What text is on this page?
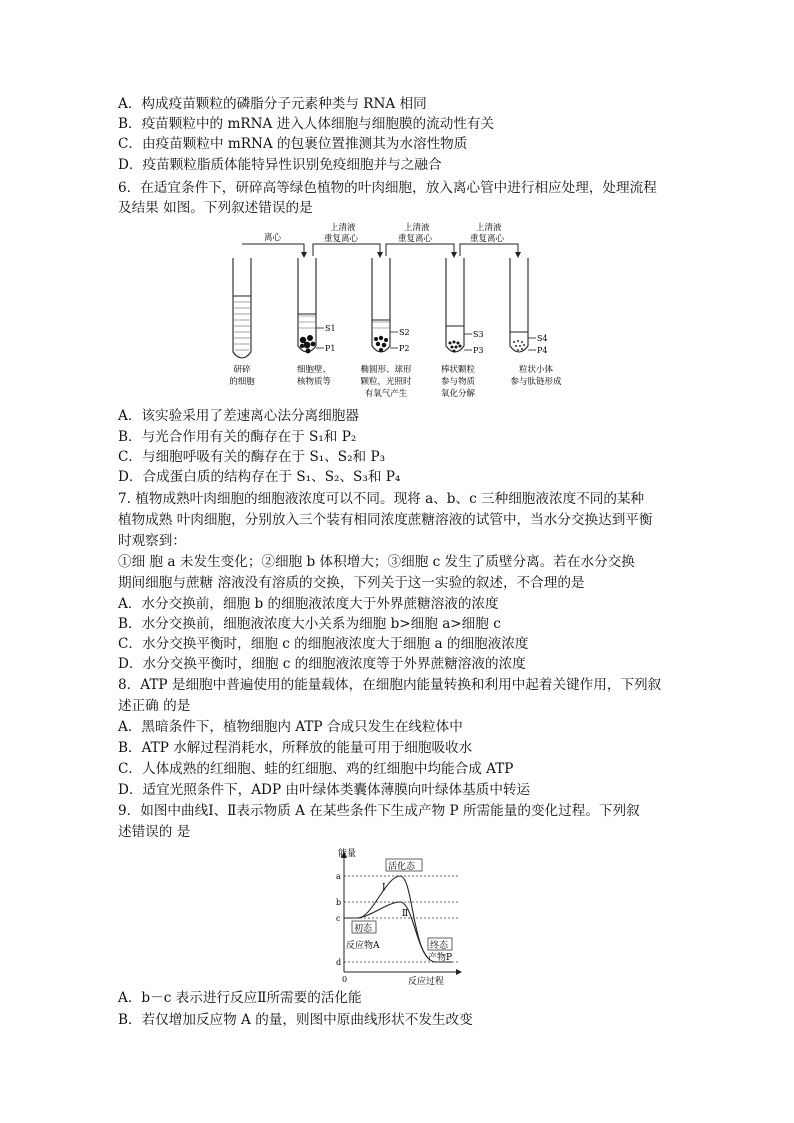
A．构成疫苗颗粒的磷脂分子元素种类与 RNA 相同
B．疫苗颗粒中的 mRNA 进入人体细胞与细胞膜的流动性有关
C．由疫苗颗粒中 mRNA 的包裹位置推测其为水溶性物质
D．疫苗颗粒脂质体能特异性识别免疫细胞并与之融合
6．在适宜条件下，研碎高等绿色植物的叶肉细胞，放入离心管中进行相应处理，处理流程
及结果 如图。下列叙述错误的是
离心
上清液
重复离心
上清液
重复离心
上清液
重复离心
S1
P1
S2
P2
S3
P3
S4
P4
研碎
的细胞
细胞壁、
核物质等
椭圆形、球形
颗粒，光照时
有氧气产生
棒状颗粒
参与物质
氧化分解
粒状小体
参与肽链形成
A．该实验采用了差速离心法分离细胞器
B．与光合作用有关的酶存在于 S₁和 P₂
C．与细胞呼吸有关的酶存在于 S₁、S₂和 P₃
D．合成蛋白质的结构存在于 S₁、S₂、S₃和 P₄
7. 植物成熟叶肉细胞的细胞液浓度可以不同。现将 a、b、c 三种细胞液浓度不同的某种
植物成熟 叶肉细胞，分别放入三个装有相同浓度蔗糖溶液的试管中，当水分交换达到平衡
时观察到：
①细 胞 a 未发生变化；②细胞 b 体积增大；③细胞 c 发生了质壁分离。若在水分交换
期间细胞与蔗糖 溶液没有溶质的交换，下列关于这一实验的叙述，不合理的是
A．水分交换前，细胞 b 的细胞液浓度大于外界蔗糖溶液的浓度
B．水分交换前，细胞液浓度大小关系为细胞 b>细胞 a>细胞 c
C．水分交换平衡时，细胞 c 的细胞液浓度大于细胞 a 的细胞液浓度
D．水分交换平衡时，细胞 c 的细胞液浓度等于外界蔗糖溶液的浓度
8．ATP 是细胞中普遍使用的能量载体，在细胞内能量转换和利用中起着关键作用，下列叙
述正确 的是
A．黑暗条件下，植物细胞内 ATP 合成只发生在线粒体中
B．ATP 水解过程消耗水，所释放的能量可用于细胞吸收水
C．人体成熟的红细胞、蛙的红细胞、鸡的红细胞中均能合成 ATP
D．适宜光照条件下，ADP 由叶绿体类囊体薄膜向叶绿体基质中转运
9．如图中曲线Ⅰ、Ⅱ表示物质 A 在某些条件下生成产物 P 所需能量的变化过程。下列叙
述错误的 是
能量
反应过程
0
a
b
c
d
活化态
初态
终态
反应物A
产物P
Ⅰ
Ⅱ
A．b－c 表示进行反应Ⅱ所需要的活化能
B．若仅增加反应物 A 的量，则图中原曲线形状不发生改变
